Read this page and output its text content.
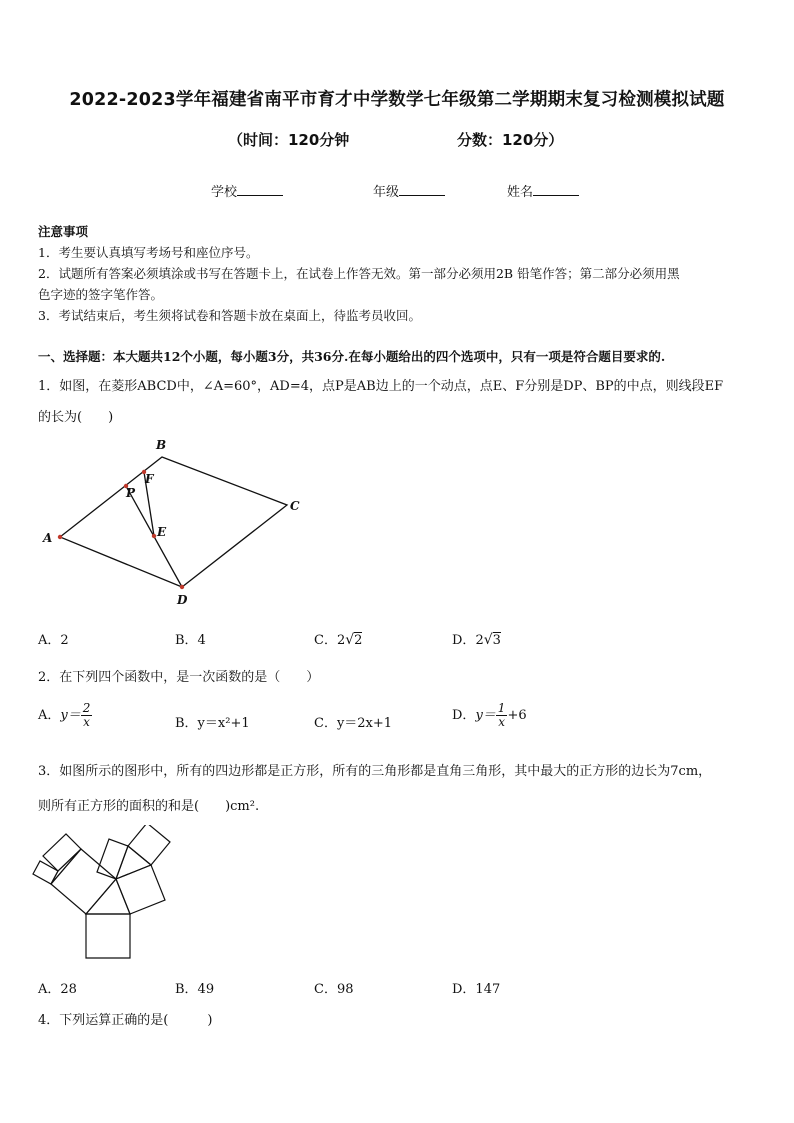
2022-2023学年福建省南平市育才中学数学七年级第二学期期末复习检测模拟试题
（时间：120分钟	分数：120分）
学校	年级	姓名
注意事项
1．考生要认真填写考场号和座位序号。
2．试题所有答案必须填涂或书写在答题卡上，在试卷上作答无效。第一部分必须用2B 铅笔作答；第二部分必须用黑
色字迹的签字笔作答。
3．考试结束后，考生须将试卷和答题卡放在桌面上，待监考员收回。
一、选择题：本大题共12个小题，每小题3分，共36分.在每小题给出的四个选项中，只有一项是符合题目要求的.
1．如图，在菱形ABCD中，∠A=60°，AD=4，点P是AB边上的一个动点，点E、F分别是DP、BP的中点，则线段EF
的长为(　　)
A
B
C
D
P
F
E
A．2	B．4	C．2√2	D．2√3
2．在下列四个函数中，是一次函数的是（　　）
A．$y= \frac{2}{x}$	B．y＝x²+1	C．y＝2x+1
D．$y= \frac{1}{x} +6$
3．如图所示的图形中，所有的四边形都是正方形，所有的三角形都是直角三角形，其中最大的正方形的边长为7cm，
则所有正方形的面积的和是(　　)cm².
A．28	B．49	C．98	D．147
4．下列运算正确的是(　　　)
